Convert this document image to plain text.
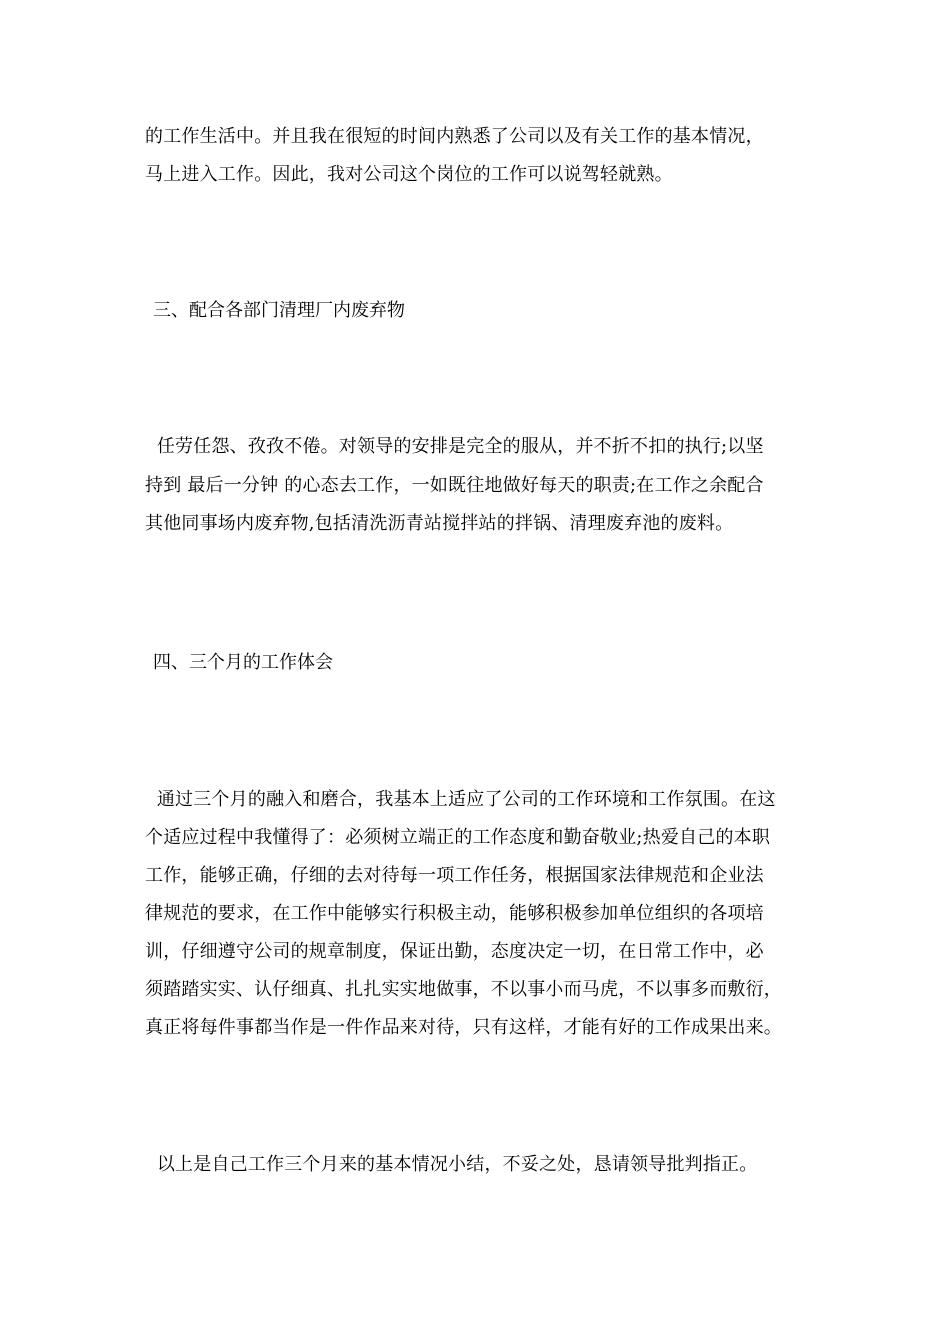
的工作生活中。并且我在很短的时间内熟悉了公司以及有关工作的基本情况，
马上进入工作。因此，我对公司这个岗位的工作可以说驾轻就熟。
三、配合各部门清理厂内废弃物
任劳任怨、孜孜不倦。对领导的安排是完全的服从，并不折不扣的执行;以坚
持到 最后一分钟 的心态去工作，一如既往地做好每天的职责;在工作之余配合
其他同事场内废弃物,包括清洗沥青站搅拌站的拌锅、清理废弃池的废料。
四、三个月的工作体会
通过三个月的融入和磨合，我基本上适应了公司的工作环境和工作氛围。在这
个适应过程中我懂得了：必须树立端正的工作态度和勤奋敬业;热爱自己的本职
工作，能够正确，仔细的去对待每一项工作任务，根据国家法律规范和企业法
律规范的要求，在工作中能够实行积极主动，能够积极参加单位组织的各项培
训，仔细遵守公司的规章制度，保证出勤，态度决定一切，在日常工作中，必
须踏踏实实、认仔细真、扎扎实实地做事，不以事小而马虎，不以事多而敷衍，
真正将每件事都当作是一件作品来对待，只有这样，才能有好的工作成果出来。
以上是自己工作三个月来的基本情况小结，不妥之处，恳请领导批判指正。
